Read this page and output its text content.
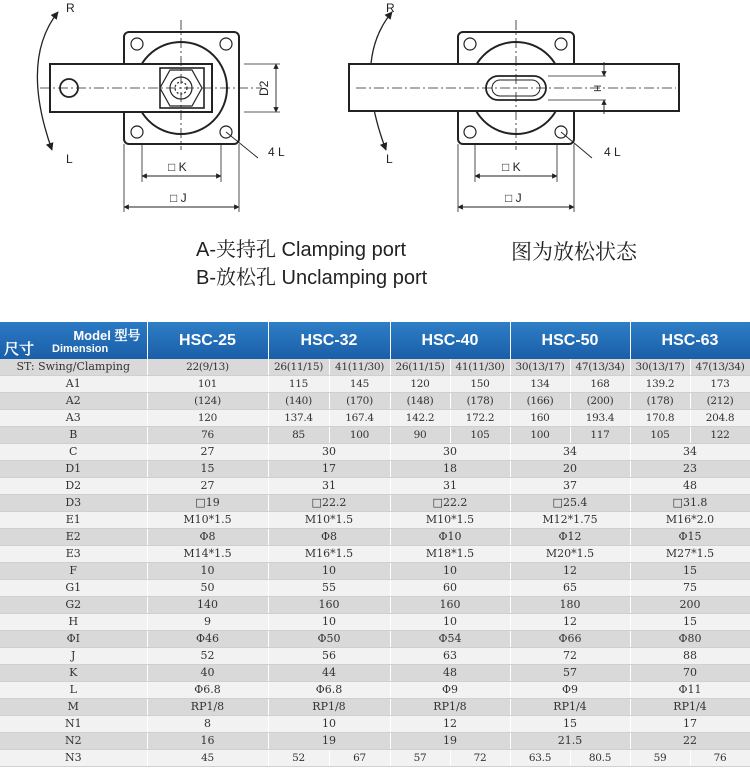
R
L
D2
4 L
□ K
□ J
R
L
H
4 L
□ K
□ J
A-夹持孔 Clamping port
B-放松孔 Unclamping port
图为放松状态
尺寸
Model 型号
Dimension	HSC-25	HSC-32		HSC-40		HSC-50		HSC-63	
ST: Swing/Clamping	22(9/13)	26(11/15)	41(11/30)	26(11/15)	41(11/30)	30(13/17)	47(13/34)	30(13/17)	47(13/34)
A1	101	115	145	120	150	134	168	139.2	173
A2	(124)	(140)	(170)	(148)	(178)	(166)	(200)	(178)	(212)
A3	120	137.4	167.4	142.2	172.2	160	193.4	170.8	204.8
B	76	85	100	90	105	100	117	105	122
C	27	30		30		34		34	
D1	15	17		18		20		23	
D2	27	31		31		37		48	
D3	□19	□22.2		□22.2		□25.4		□31.8	
E1	M10*1.5	M10*1.5		M10*1.5		M12*1.75		M16*2.0	
E2	Φ8	Φ8		Φ10		Φ12		Φ15	
E3	M14*1.5	M16*1.5		M18*1.5		M20*1.5		M27*1.5	
F	10	10		10		12		15	
G1	50	55		60		65		75	
G2	140	160		160		180		200	
H	9	10		10		12		15	
ΦI	Φ46	Φ50		Φ54		Φ66		Φ80	
J	52	56		63		72		88	
K	40	44		48		57		70	
L	Φ6.8	Φ6.8		Φ9		Φ9		Φ11	
M	RP1/8	RP1/8		RP1/8		RP1/4		RP1/4	
N1	8	10		12		15		17	
N2	16	19		19		21.5		22	
N3	45	52	67	57	72	63.5	80.5	59	76
